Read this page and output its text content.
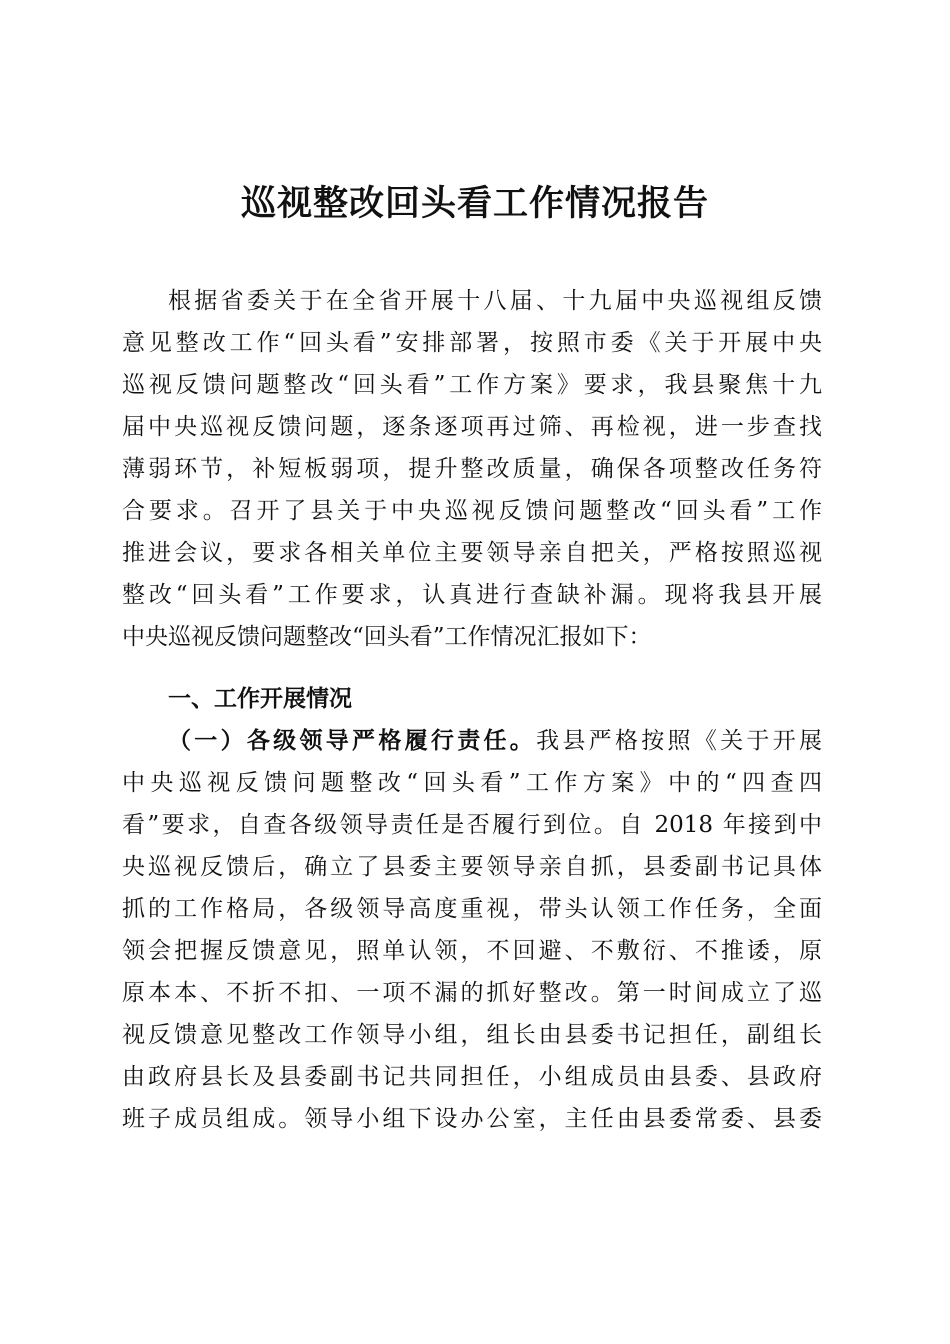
巡视整改回头看工作情况报告
根据省委关于在全省开展十八届、十九届中央巡视组反馈
意见整改工作“回头看”安排部署，按照市委《关于开展中央
巡视反馈问题整改“回头看”工作方案》要求，我县聚焦十九
届中央巡视反馈问题，逐条逐项再过筛、再检视，进一步查找
薄弱环节，补短板弱项，提升整改质量，确保各项整改任务符
合要求。召开了县关于中央巡视反馈问题整改“回头看”工作
推进会议，要求各相关单位主要领导亲自把关，严格按照巡视
整改“回头看”工作要求，认真进行查缺补漏。现将我县开展
中央巡视反馈问题整改“回头看”工作情况汇报如下：
一、工作开展情况
（一）各级领导严格履行责任。我县严格按照《关于开展
中央巡视反馈问题整改“回头看”工作方案》中的“四查四
看”要求，自查各级领导责任是否履行到位。自 2018 年接到中
央巡视反馈后，确立了县委主要领导亲自抓，县委副书记具体
抓的工作格局，各级领导高度重视，带头认领工作任务，全面
领会把握反馈意见，照单认领，不回避、不敷衍、不推诿，原
原本本、不折不扣、一项不漏的抓好整改。第一时间成立了巡
视反馈意见整改工作领导小组，组长由县委书记担任，副组长
由政府县长及县委副书记共同担任，小组成员由县委、县政府
班子成员组成。领导小组下设办公室，主任由县委常委、县委
